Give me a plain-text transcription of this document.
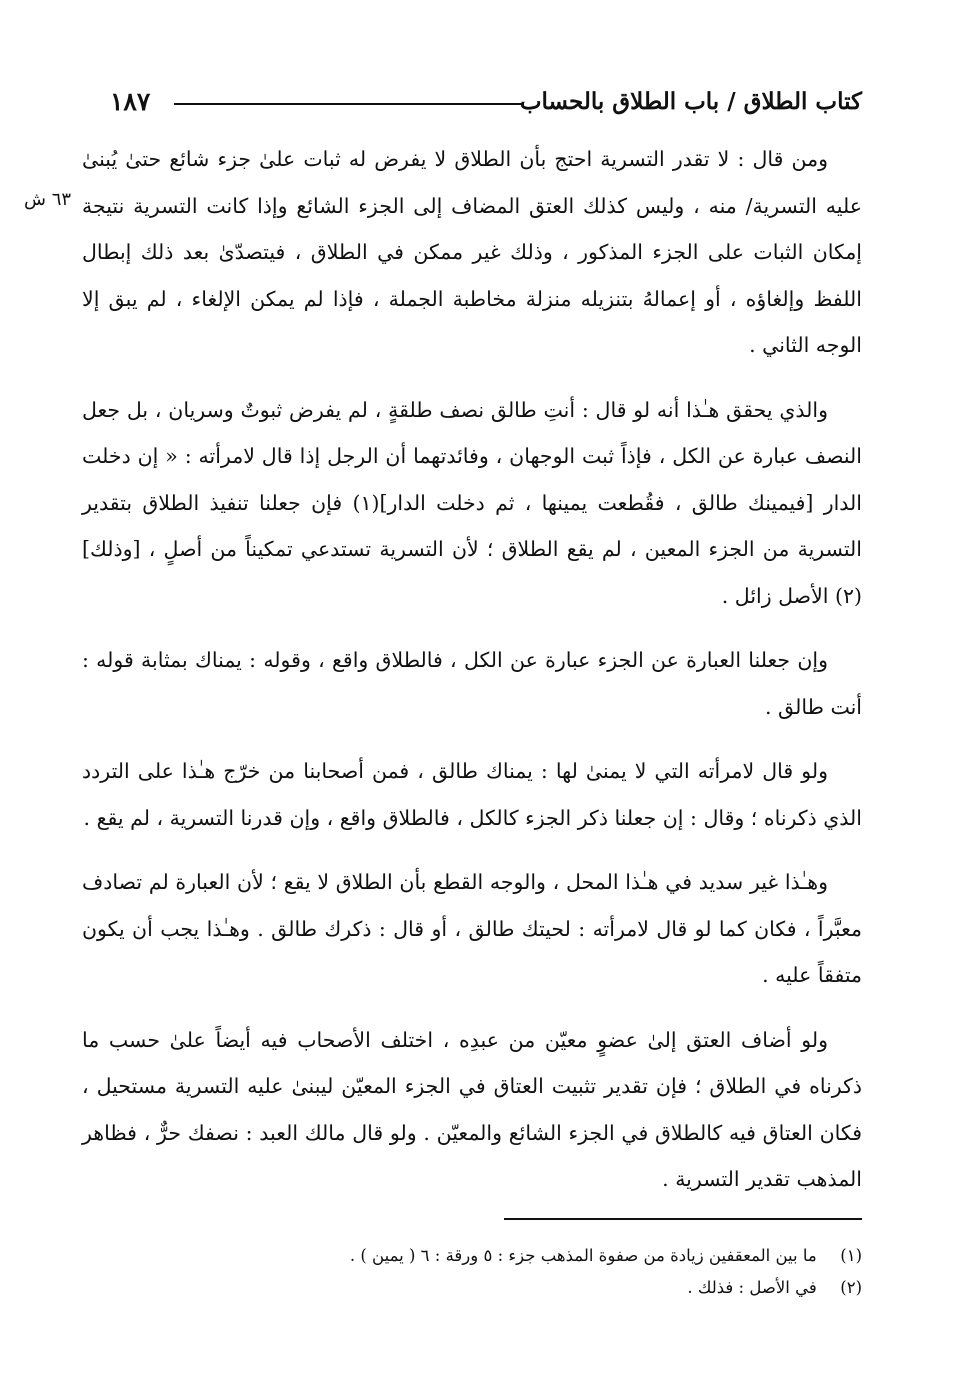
١٨٧	كتاب الطلاق / باب الطلاق بالحساب
٦٣ ش

ومن قال : لا تقدر التسرية احتج بأن الطلاق لا يفرض له ثبات علىٰ جزء شائع حتىٰ يُبنىٰ عليه التسرية/ منه ، وليس كذلك العتق المضاف إلى الجزء الشائع وإذا كانت التسرية نتيجة إمكان الثبات على الجزء المذكور ، وذلك غير ممكن في الطلاق ، فيتصدّىٰ بعد ذلك إبطال اللفظ وإلغاؤه ، أو إعمالهُ بتنزيله منزلة مخاطبة الجملة ، فإذا لم يمكن الإلغاء ، لم يبق إلا الوجه الثاني .

والذي يحقق هـٰذا أنه لو قال : أنتِ طالق نصف طلقةٍ ، لم يفرض ثبوتٌ وسريان ، بل جعل النصف عبارة عن الكل ، فإذاً ثبت الوجهان ، وفائدتهما أن الرجل إذا قال لامرأته : « إن دخلت الدار [فيمينك طالق ، فقُطعت يمينها ، ثم دخلت الدار](١) فإن جعلنا تنفيذ الطلاق بتقدير التسرية من الجزء المعين ، لم يقع الطلاق ؛ لأن التسرية تستدعي تمكيناً من أصلٍ ، [وذلك](٢) الأصل زائل .

وإن جعلنا العبارة عن الجزء عبارة عن الكل ، فالطلاق واقع ، وقوله : يمناك بمثابة قوله : أنت طالق .

ولو قال لامرأته التي لا يمنىٰ لها : يمناك طالق ، فمن أصحابنا من خرّج هـٰذا على التردد الذي ذكرناه ؛ وقال : إن جعلنا ذكر الجزء كالكل ، فالطلاق واقع ، وإن قدرنا التسرية ، لم يقع .

وهـٰذا غير سديد في هـٰذا المحل ، والوجه القطع بأن الطلاق لا يقع ؛ لأن العبارة لم تصادف معبَّراً ، فكان كما لو قال لامرأته : لحيتك طالق ، أو قال : ذكرك طالق . وهـٰذا يجب أن يكون متفقاً عليه .

ولو أضاف العتق إلىٰ عضوٍ معيّن من عبدِه ، اختلف الأصحاب فيه أيضاً علىٰ حسب ما ذكرناه في الطلاق ؛ فإن تقدير تثبيت العتاق في الجزء المعيّن ليبنىٰ عليه التسرية مستحيل ، فكان العتاق فيه كالطلاق في الجزء الشائع والمعيّن . ولو قال مالك العبد : نصفك حرٌّ ، فظاهر المذهب تقدير التسرية .

(١) ما بين المعقفين زيادة من صفوة المذهب جزء : ٥ ورقة : ٦ ( يمين ) .
(٢) في الأصل : فذلك .
